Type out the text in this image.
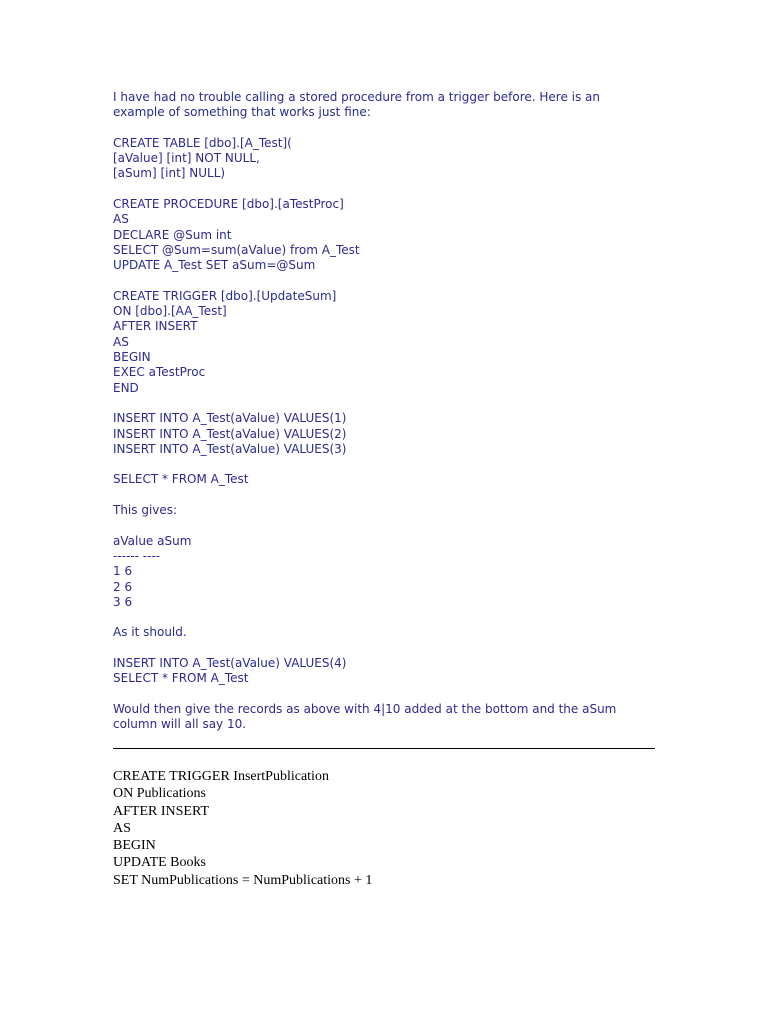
I have had no trouble calling a stored procedure from a trigger before. Here is an
example of something that works just fine:
CREATE TABLE [dbo].[A_Test](
[aValue] [int] NOT NULL,
[aSum] [int] NULL)
CREATE PROCEDURE [dbo].[aTestProc]
AS
DECLARE @Sum int
SELECT @Sum=sum(aValue) from A_Test
UPDATE A_Test SET aSum=@Sum
CREATE TRIGGER [dbo].[UpdateSum]
ON [dbo].[AA_Test]
AFTER INSERT
AS
BEGIN
EXEC aTestProc
END
INSERT INTO A_Test(aValue) VALUES(1)
INSERT INTO A_Test(aValue) VALUES(2)
INSERT INTO A_Test(aValue) VALUES(3)
SELECT * FROM A_Test
This gives:
aValue aSum
------ ----
1 6
2 6
3 6
As it should.
INSERT INTO A_Test(aValue) VALUES(4)
SELECT * FROM A_Test
Would then give the records as above with 4|10 added at the bottom and the aSum
column will all say 10.
CREATE TRIGGER InsertPublication
ON Publications
AFTER INSERT
AS
BEGIN
UPDATE Books
SET NumPublications = NumPublications + 1
